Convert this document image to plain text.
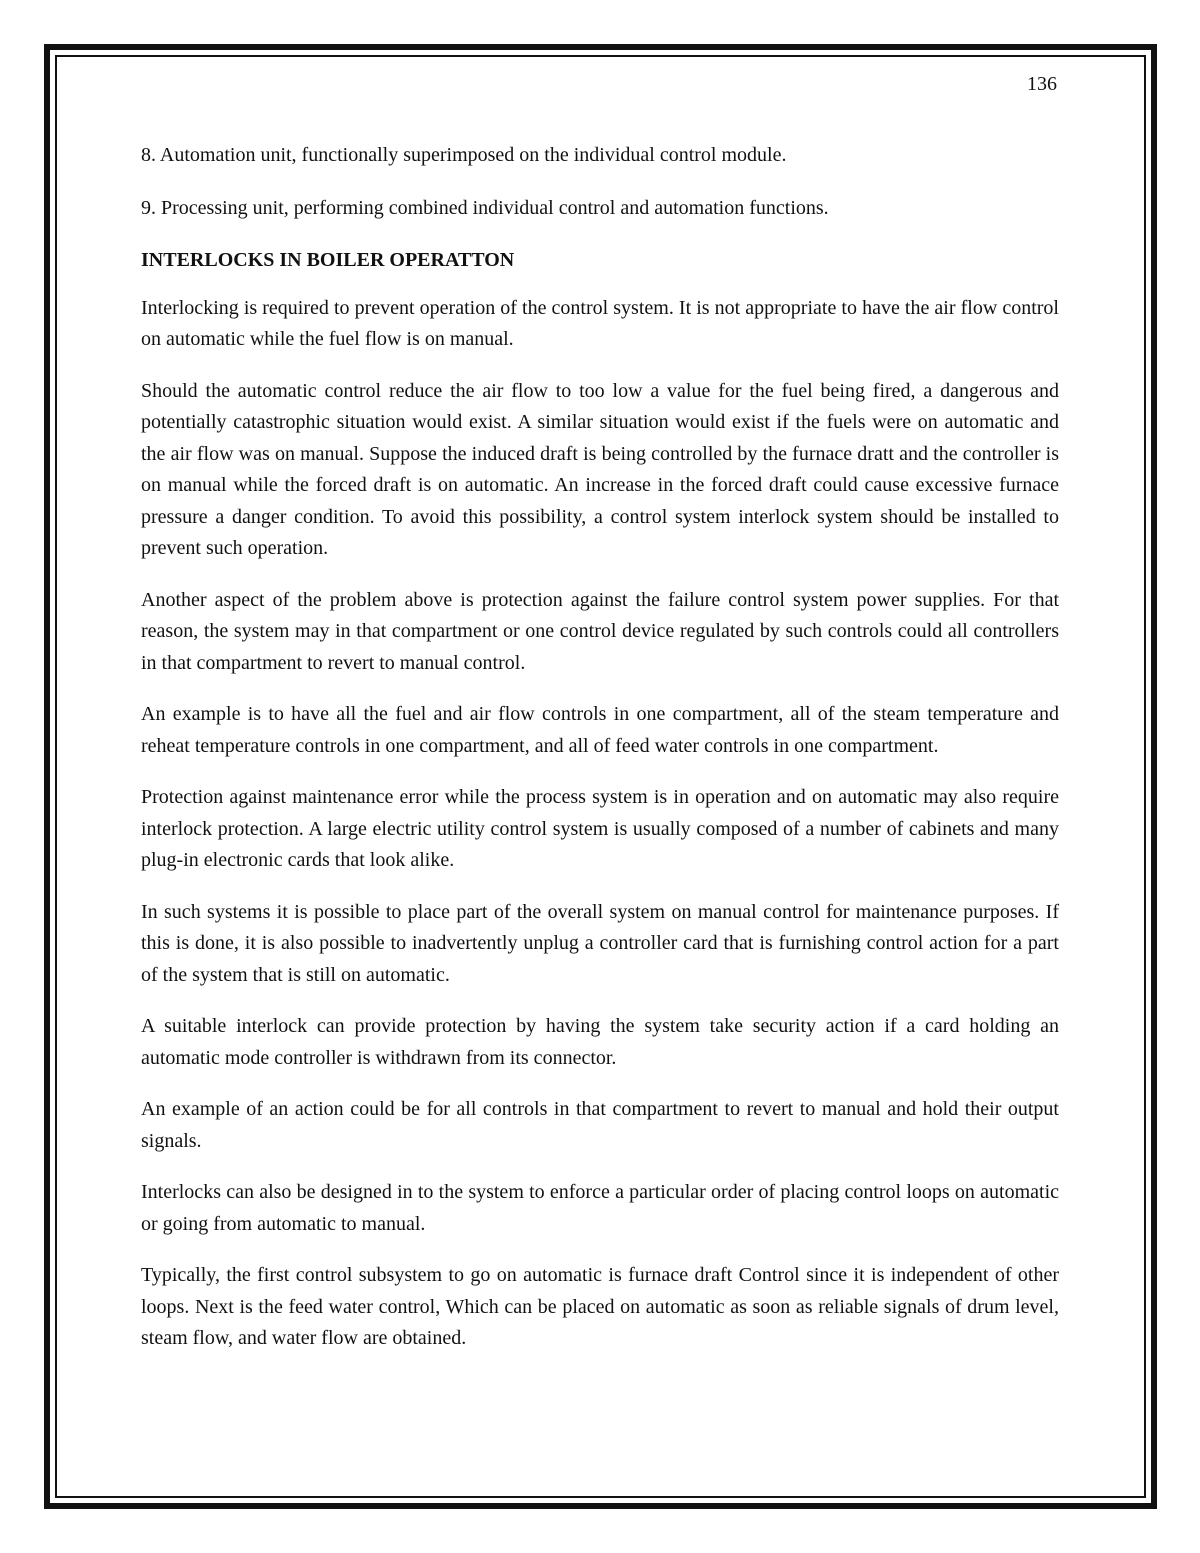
136

8. Automation unit, functionally superimposed on the individual control module.

9. Processing unit, performing combined individual control and automation functions.

INTERLOCKS IN BOILER OPERATTON

Interlocking is required to prevent operation of the control system. It is not appropriate to have the air flow control on automatic while the fuel flow is on manual.

Should the automatic control reduce the air flow to too low a value for the fuel being fired, a dangerous and potentially catastrophic situation would exist. A similar situation would exist if the fuels were on automatic and the air flow was on manual. Suppose the induced draft is being controlled by the furnace dratt and the controller is on manual while the forced draft is on automatic. An increase in the forced draft could cause excessive furnace pressure a danger condition. To avoid this possibility, a control system interlock system should be installed to prevent such operation.

Another aspect of the problem above is protection against the failure control system power supplies. For that reason, the system may in that compartment or one control device regulated by such controls could all controllers in that compartment to revert to manual control.

An example is to have all the fuel and air flow controls in one compartment, all of the steam temperature and reheat temperature controls in one compartment, and all of feed water controls in one compartment.

Protection against maintenance error while the process system is in operation and on automatic may also require interlock protection. A large electric utility control system is usually composed of a number of cabinets and many plug-in electronic cards that look alike.

In such systems it is possible to place part of the overall system on manual control for maintenance purposes. If this is done, it is also possible to inadvertently unplug a controller card that is furnishing control action for a part of the system that is still on automatic.

A suitable interlock can provide protection by having the system take security action if a card holding an automatic mode controller is withdrawn from its connector.

An example of an action could be for all controls in that compartment to revert to manual and hold their output signals.

Interlocks can also be designed in to the system to enforce a particular order of placing control loops on automatic or going from automatic to manual.

Typically, the first control subsystem to go on automatic is furnace draft Control since it is independent of other loops. Next is the feed water control, Which can be placed on automatic as soon as reliable signals of drum level, steam flow, and water flow are obtained.
